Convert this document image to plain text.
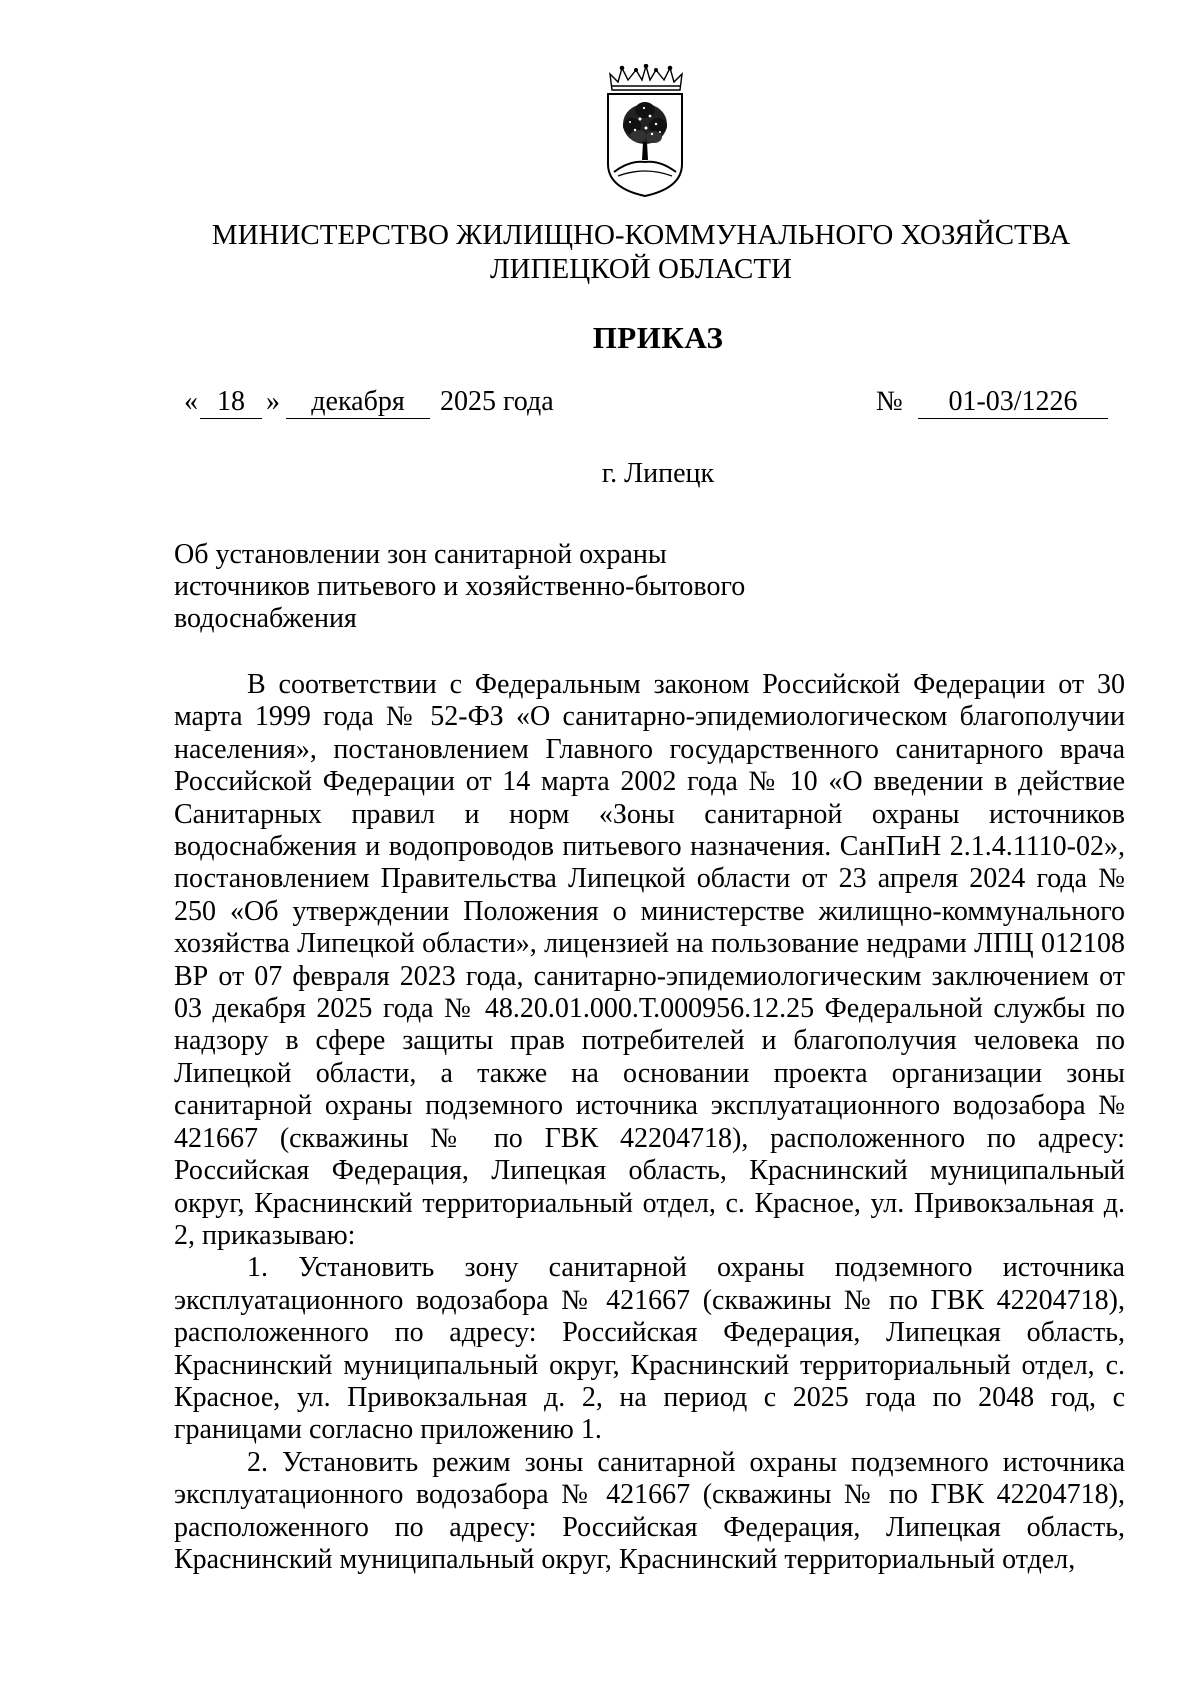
МИНИСТЕРСТВО ЖИЛИЩНО-КОММУНАЛЬНОГО ХОЗЯЙСТВА
ЛИПЕЦКОЙ ОБЛАСТИ
ПРИКАЗ
« 18 »	декабря	2025 года	№	01-03/1226
г. Липецк
Об установлении зон санитарной охраны
источников питьевого и хозяйственно-бытового
водоснабжения

В соответствии с Федеральным законом Российской Федерации от 30 марта 1999 года № 52-ФЗ «О санитарно-эпидемиологическом благополучии населения», постановлением Главного государственного санитарного врача Российской Федерации от 14 марта 2002 года № 10 «О введении в действие Санитарных правил и норм «Зоны санитарной охраны источников водоснабжения и водопроводов питьевого назначения. СанПиН 2.1.4.1110-02», постановлением Правительства Липецкой области от 23 апреля 2024 года № 250 «Об утверждении Положения о министерстве жилищно-коммунального хозяйства Липецкой области», лицензией на пользование недрами ЛПЦ 012108 ВР от 07 февраля 2023 года, санитарно-эпидемиологическим заключением от 03 декабря 2025 года № 48.20.01.000.Т.000956.12.25 Федеральной службы по надзору в сфере защиты прав потребителей и благополучия человека по Липецкой области, а также на основании проекта организации зоны санитарной охраны подземного источника эксплуатационного водозабора № 421667 (скважины № по ГВК 42204718), расположенного по адресу: Российская Федерация, Липецкая область, Краснинский муниципальный округ, Краснинский территориальный отдел, с. Красное, ул. Привокзальная д. 2, приказываю:

1. Установить зону санитарной охраны подземного источника эксплуатационного водозабора № 421667 (скважины № по ГВК 42204718), расположенного по адресу: Российская Федерация, Липецкая область, Краснинский муниципальный округ, Краснинский территориальный отдел, с. Красное, ул. Привокзальная д. 2, на период с 2025 года по 2048 год, с границами согласно приложению 1.

2. Установить режим зоны санитарной охраны подземного источника эксплуатационного водозабора № 421667 (скважины № по ГВК 42204718), расположенного по адресу: Российская Федерация, Липецкая область, Краснинский муниципальный округ, Краснинский территориальный отдел,
